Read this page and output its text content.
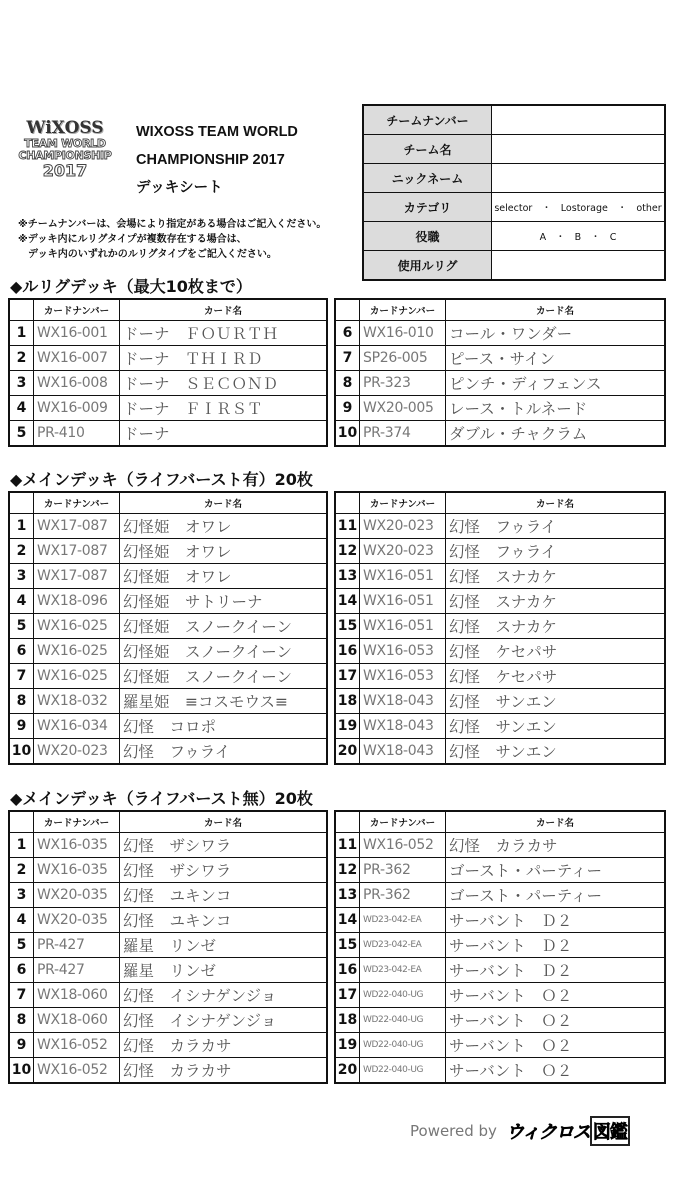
WiXOSS
TEAM WORLD
CHAMPIONSHIP
2017
WIXOSS TEAM WORLD
CHAMPIONSHIP 2017
デッキシート
※チームナンバーは、会場により指定がある場合はご記入ください。
※デッキ内にルリグタイプが複数存在する場合は、
　デッキ内のいずれかのルリグタイプをご記入ください。
チームナンバー	
チーム名	
ニックネーム	
カテゴリ	selector　・　Lostorage　・　other
役職	A　・　B　・　C
使用ルリグ	
◆ルリグデッキ（最大10枚まで）
◆メインデッキ（ライフバースト有）20枚
◆メインデッキ（ライフバースト無）20枚
	カードナンバー	カード名
1	WX16-001	ドーナ　ＦＯＵＲＴＨ
2	WX16-007	ドーナ　ＴＨＩＲＤ
3	WX16-008	ドーナ　ＳＥＣＯＮＤ
4	WX16-009	ドーナ　ＦＩＲＳＴ
5	PR-410	ドーナ
	カードナンバー	カード名
6	WX16-010	コール・ワンダー
7	SP26-005	ピース・サイン
8	PR-323	ピンチ・ディフェンス
9	WX20-005	レース・トルネード
10	PR-374	ダブル・チャクラム
	カードナンバー	カード名
1	WX17-087	幻怪姫　オワレ
2	WX17-087	幻怪姫　オワレ
3	WX17-087	幻怪姫　オワレ
4	WX18-096	幻怪姫　サトリーナ
5	WX16-025	幻怪姫　スノークイーン
6	WX16-025	幻怪姫　スノークイーン
7	WX16-025	幻怪姫　スノークイーン
8	WX18-032	羅星姫　≡コスモウス≡
9	WX16-034	幻怪　コロポ
10	WX20-023	幻怪　フゥライ
	カードナンバー	カード名
11	WX20-023	幻怪　フゥライ
12	WX20-023	幻怪　フゥライ
13	WX16-051	幻怪　スナカケ
14	WX16-051	幻怪　スナカケ
15	WX16-051	幻怪　スナカケ
16	WX16-053	幻怪　ケセパサ
17	WX16-053	幻怪　ケセパサ
18	WX18-043	幻怪　サンエン
19	WX18-043	幻怪　サンエン
20	WX18-043	幻怪　サンエン
	カードナンバー	カード名
1	WX16-035	幻怪　ザシワラ
2	WX16-035	幻怪　ザシワラ
3	WX20-035	幻怪　ユキンコ
4	WX20-035	幻怪　ユキンコ
5	PR-427	羅星　リンゼ
6	PR-427	羅星　リンゼ
7	WX18-060	幻怪　イシナゲンジョ
8	WX18-060	幻怪　イシナゲンジョ
9	WX16-052	幻怪　カラカサ
10	WX16-052	幻怪　カラカサ
	カードナンバー	カード名
11	WX16-052	幻怪　カラカサ
12	PR-362	ゴースト・パーティー
13	PR-362	ゴースト・パーティー
14	WD23-042-EA	サーバント　Ｄ２
15	WD23-042-EA	サーバント　Ｄ２
16	WD23-042-EA	サーバント　Ｄ２
17	WD22-040-UG	サーバント　Ｏ２
18	WD22-040-UG	サーバント　Ｏ２
19	WD22-040-UG	サーバント　Ｏ２
20	WD22-040-UG	サーバント　Ｏ２
Powered by ウィクロス 図鑑
